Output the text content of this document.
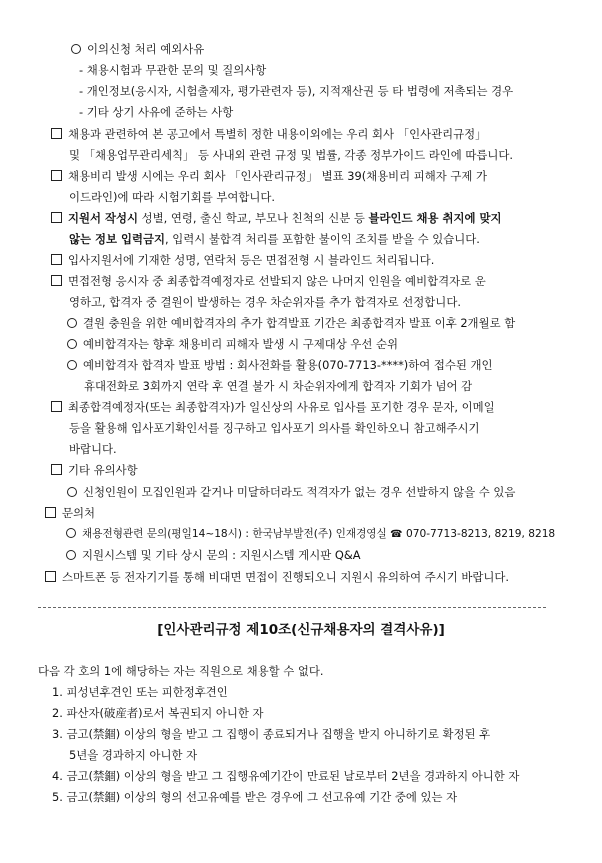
이의신청 처리 예외사유
- 채용시험과 무관한 문의 및 질의사항
- 개인정보(응시자, 시험출제자, 평가관련자 등), 지적재산권 등 타 법령에 저촉되는 경우
- 기타 상기 사유에 준하는 사항
채용과 관련하여 본 공고에서 특별히 정한 내용이외에는 우리 회사 「인사관리규정」
및 「채용업무관리세칙」 등 사내외 관련 규정 및 법률, 각종 정부가이드 라인에 따릅니다.
채용비리 발생 시에는 우리 회사 「인사관리규정」 별표 39(채용비리 피해자 구제 가
이드라인)에 따라 시험기회를 부여합니다.
지원서 작성시 성별, 연령, 출신 학교, 부모나 친척의 신분 등 블라인드 채용 취지에 맞지
않는 정보 입력금지, 입력시 불합격 처리를 포함한 불이익 조치를 받을 수 있습니다.
입사지원서에 기재한 성명, 연락처 등은 면접전형 시 블라인드 처리됩니다.
면접전형 응시자 중 최종합격예정자로 선발되지 않은 나머지 인원을 예비합격자로 운
영하고, 합격자 중 결원이 발생하는 경우 차순위자를 추가 합격자로 선정합니다.
결원 충원을 위한 예비합격자의 추가 합격발표 기간은 최종합격자 발표 이후 2개월로 함
예비합격자는 향후 채용비리 피해자 발생 시 구제대상 우선 순위
예비합격자 합격자 발표 방법 : 회사전화를 활용(070-7713-****)하여 접수된 개인
휴대전화로 3회까지 연락 후 연결 불가 시 차순위자에게 합격자 기회가 넘어 감
최종합격예정자(또는 최종합격자)가 일신상의 사유로 입사를 포기한 경우 문자, 이메일
등을 활용해 입사포기확인서를 징구하고 입사포기 의사를 확인하오니 참고해주시기
바랍니다.
기타 유의사항
신청인원이 모집인원과 같거나 미달하더라도 적격자가 없는 경우 선발하지 않을 수 있음
문의처
채용전형관련 문의(평일14~18시) : 한국남부발전(주) 인재경영실 ☎ 070-7713-8213, 8219, 8218
지원시스템 및 기타 상시 문의 : 지원시스템 게시판 Q&A
스마트폰 등 전자기기를 통해 비대면 면접이 진행되오니 지원시 유의하여 주시기 바랍니다.
[인사관리규정 제10조(신규채용자의 결격사유)]
다음 각 호의 1에 해당하는 자는 직원으로 채용할 수 없다.
1. 피성년후견인 또는 피한정후견인
2. 파산자(破産者)로서 복권되지 아니한 자
3. 금고(禁錮) 이상의 형을 받고 그 집행이 종료되거나 집행을 받지 아니하기로 확정된 후
5년을 경과하지 아니한 자
4. 금고(禁錮) 이상의 형을 받고 그 집행유예기간이 만료된 날로부터 2년을 경과하지 아니한 자
5. 금고(禁錮) 이상의 형의 선고유예를 받은 경우에 그 선고유예 기간 중에 있는 자
